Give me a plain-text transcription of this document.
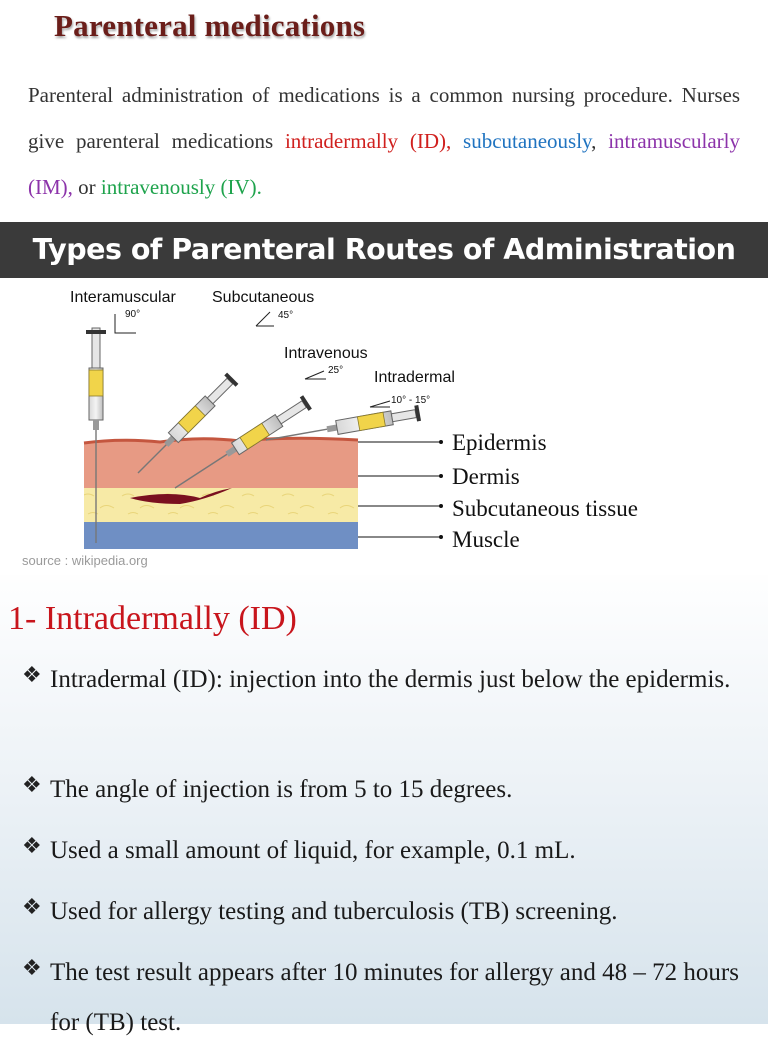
Parenteral medications
Parenteral administration of medications is a common nursing procedure. Nurses give parenteral medications intradermally (ID), subcutaneously, intramuscularly (IM), or intravenously (IV).
Types of Parenteral Routes of Administration
Interamuscular
90°
Subcutaneous
45°
Intravenous
25° Intradermal
10° - 15°
source : wikipedia.org
Epidermis
Dermis
Subcutaneous tissue
Muscle
1- Intradermally (ID)
❖ Intradermal (ID): injection into the dermis just below the epidermis.
❖ The angle of injection is from 5 to 15 degrees.
❖ Used a small amount of liquid, for example, 0.1 mL.
❖ Used for allergy testing and tuberculosis (TB) screening.
❖ The test result appears after 10 minutes for allergy and 48 – 72 hours for (TB) test.
